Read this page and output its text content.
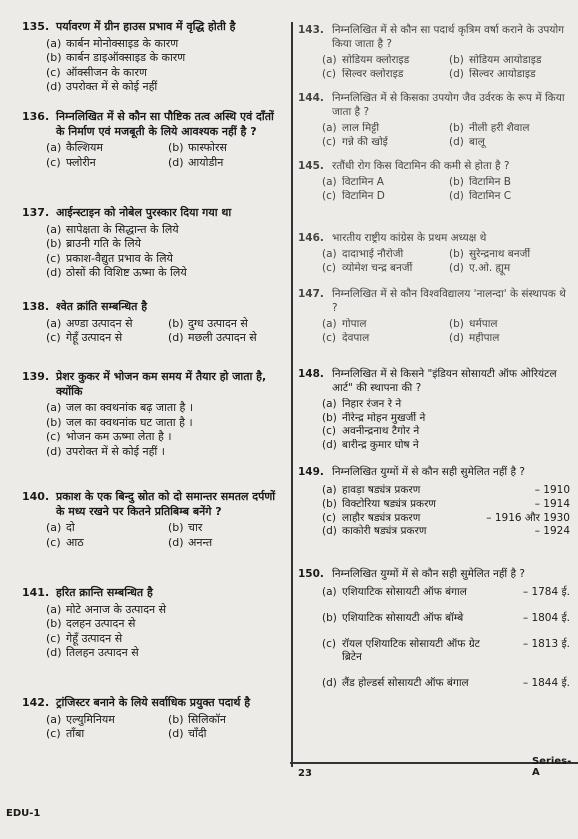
135. पर्यावरण में ग्रीन हाउस प्रभाव में वृद्धि होती है
(a) कार्बन मोनोक्साइड के कारण
(b) कार्बन डाइऑक्साइड के कारण
(c) ऑक्सीजन के कारण
(d) उपरोक्त में से कोई नहीं
136. निम्नलिखित में से कौन सा पौष्टिक तत्व अस्थि एवं दाँतों के निर्माण एवं मजबूती के लिये आवश्यक नहीं है ?
(a) कैल्शियम	(b) फास्फोरस
(c) फ्लोरीन	(d) आयोडीन
137. आईन्स्टाइन को नोबेल पुरस्कार दिया गया था
(a) सापेक्षता के सिद्धान्त के लिये
(b) ब्राउनी गति के लिये
(c) प्रकाश-वैद्युत प्रभाव के लिये
(d) ठोसों की विशिष्ट ऊष्मा के लिये
138. श्वेत क्रांति सम्बन्धित है
(a) अण्डा उत्पादन से	(b) दुग्ध उत्पादन से
(c) गेहूँ उत्पादन से	(d) मछली उत्पादन से
139. प्रेशर कुकर में भोजन कम समय में तैयार हो जाता है, क्योंकि
(a) जल का क्वथनांक बढ़ जाता है ।
(b) जल का क्वथनांक घट जाता है ।
(c) भोजन कम ऊष्मा लेता है ।
(d) उपरोक्त में से कोई नहीं ।
140. प्रकाश के एक बिन्दु स्रोत को दो समान्तर समतल दर्पणों के मध्य रखने पर कितने प्रतिबिम्ब बनेंगे ?
(a) दो	(b) चार
(c) आठ	(d) अनन्त
141. हरित क्रान्ति सम्बन्धित है
(a) मोटे अनाज के उत्पादन से
(b) दलहन उत्पादन से
(c) गेहूँ उत्पादन से
(d) तिलहन उत्पादन से
142. ट्रांजिस्टर बनाने के लिये सर्वाधिक प्रयुक्त पदार्थ है
(a) एल्युमिनियम	(b) सिलिकॉन
(c) ताँबा	(d) चाँदी
143. निम्नलिखित में से कौन सा पदार्थ कृत्रिम वर्षा कराने के उपयोग किया जाता है ?
(a) सोडियम क्लोराइड	(b) सोडियम आयोडाइड
(c) सिल्वर क्लोराइड	(d) सिल्वर आयोडाइड
144. निम्नलिखित में से किसका उपयोग जैव उर्वरक के रूप में किया जाता है ?
(a) लाल मिट्टी	(b) नीली हरी शैवाल
(c) गन्ने की खोई	(d) बालू
145. रतौंधी रोग किस विटामिन की कमी से होता है ?
(a) विटामिन A	(b) विटामिन B
(c) विटामिन D	(d) विटामिन C
146. भारतीय राष्ट्रीय कांग्रेस के प्रथम अध्यक्ष थे
(a) दादाभाई नौरोजी	(b) सुरेन्द्रनाथ बनर्जी
(c) व्योमेश चन्द्र बनर्जी	(d) ए.ओ. ह्यूम
147. निम्नलिखित में से कौन विश्वविद्यालय 'नालन्दा' के संस्थापक थे ?
(a) गोपाल	(b) धर्मपाल
(c) देवपाल	(d) महीपाल
148. निम्नलिखित में से किसने "इंडियन सोसायटी ऑफ ओरियंटल आर्ट" की स्थापना की ?
(a) निहार रंजन रे ने
(b) नीरेन्द्र मोहन मुखर्जी ने
(c) अवनीन्द्रनाथ टैगोर ने
(d) बारीन्द्र कुमार घोष ने
149. निम्नलिखित युग्मों में से कौन सही सुमेलित नहीं है ?
(a) हावड़ा षड्यंत्र प्रकरण	– 1910
(b) विक्टोरिया षड्यंत्र प्रकरण	– 1914
(c) लाहौर षड्यंत्र प्रकरण	– 1916 और 1930
(d) काकोरी षड्यंत्र प्रकरण	– 1924
150. निम्नलिखित युग्मों में से कौन सही सुमेलित नहीं है ?
(a) एशियाटिक सोसायटी ऑफ बंगाल	– 1784 ई.
(b) एशियाटिक सोसायटी ऑफ बॉम्बे	– 1804 ई.
(c) रॉयल एशियाटिक सोसायटी ऑफ ग्रेट ब्रिटेन
– 1813 ई.
(d) लैंड होल्डर्स सोसायटी ऑफ बंगाल	– 1844 ई.
23
Series-A
EDU-1
